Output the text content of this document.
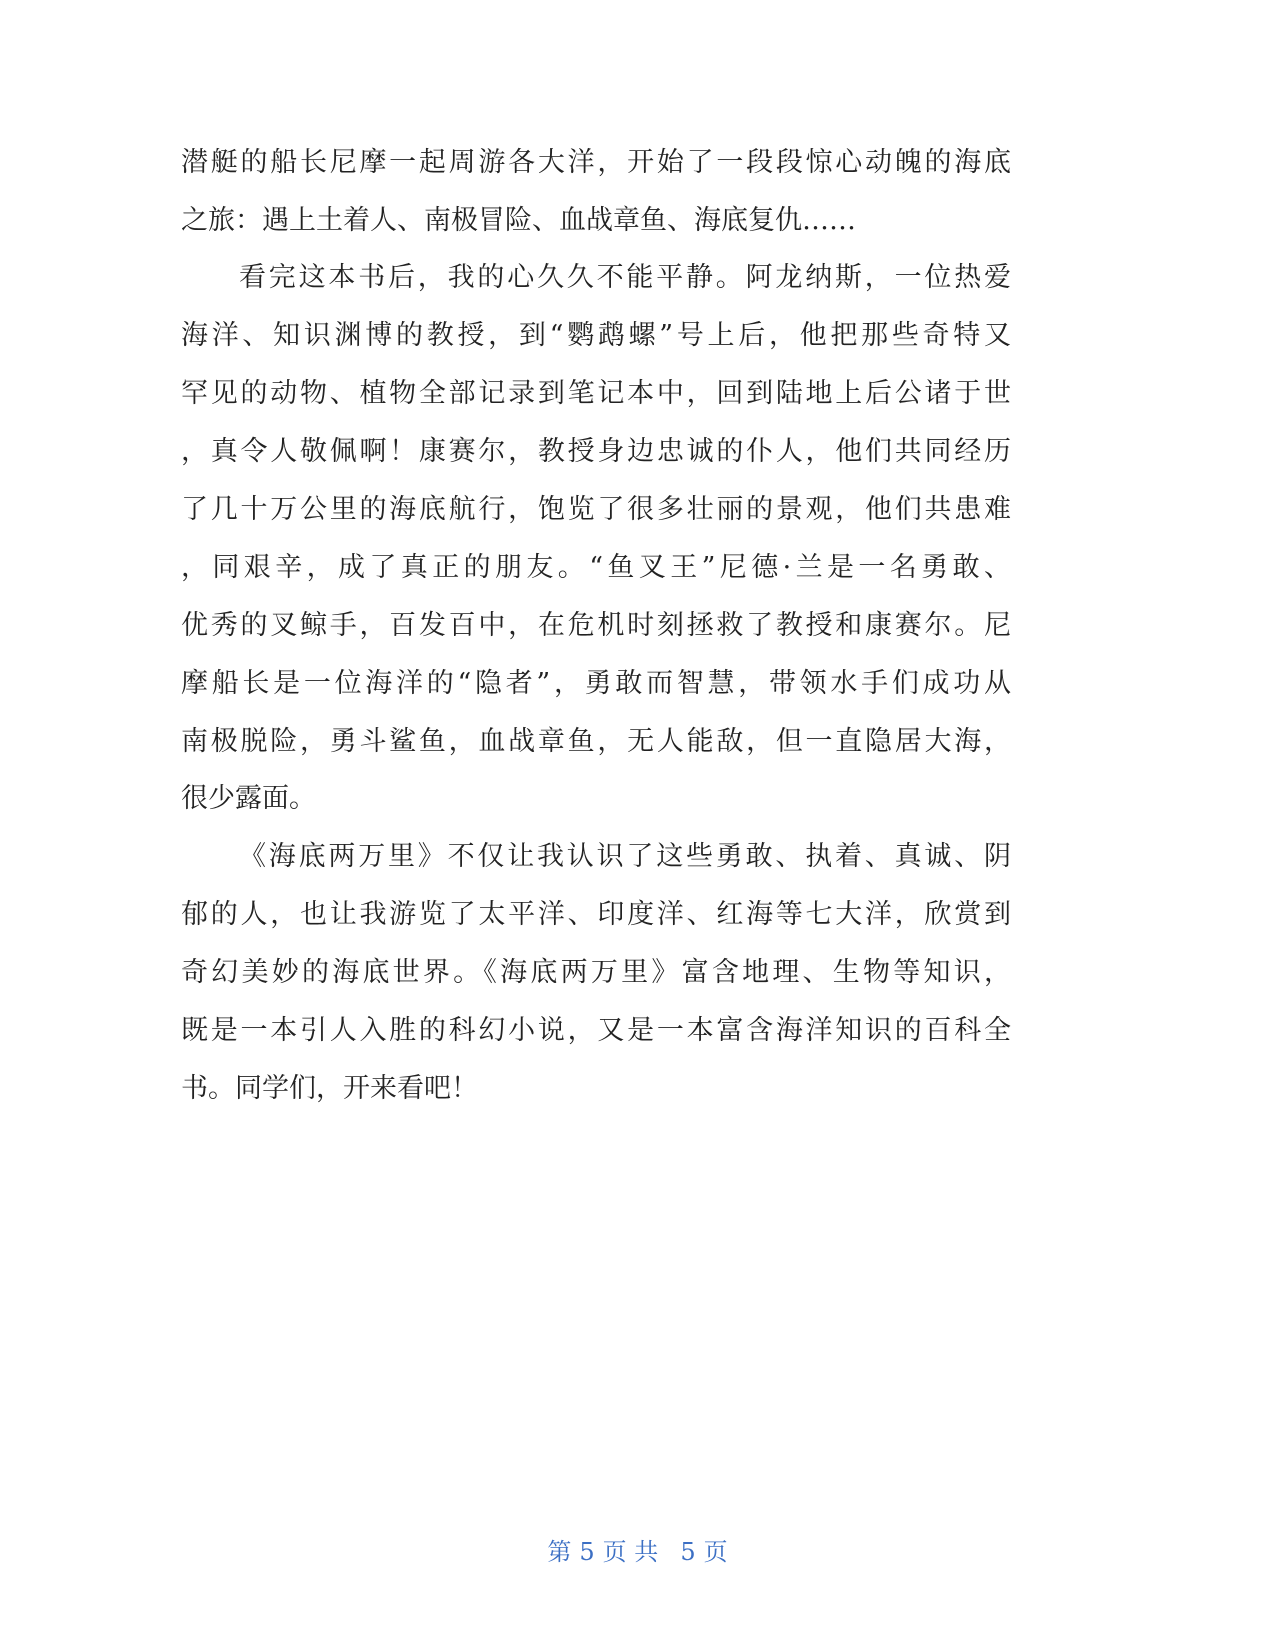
潜艇的船长尼摩一起周游各大洋，开始了一段段惊心动魄的海底
之旅：遇上土着人、南极冒险、血战章鱼、海底复仇……
看完这本书后，我的心久久不能平静。阿龙纳斯，一位热爱
海洋、知识渊博的教授，到“鹦鹉螺”号上后，他把那些奇特又
罕见的动物、植物全部记录到笔记本中，回到陆地上后公诸于世
，真令人敬佩啊！康赛尔，教授身边忠诚的仆人，他们共同经历
了几十万公里的海底航行，饱览了很多壮丽的景观，他们共患难
，同艰辛，成了真正的朋友。“鱼叉王”尼德·兰是一名勇敢、
优秀的叉鲸手，百发百中，在危机时刻拯救了教授和康赛尔。尼
摩船长是一位海洋的“隐者”，勇敢而智慧，带领水手们成功从
南极脱险，勇斗鲨鱼，血战章鱼，无人能敌，但一直隐居大海，
很少露面。
《海底两万里》不仅让我认识了这些勇敢、执着、真诚、阴
郁的人，也让我游览了太平洋、印度洋、红海等七大洋，欣赏到
奇幻美妙的海底世界。《海底两万里》富含地理、生物等知识，
既是一本引人入胜的科幻小说，又是一本富含海洋知识的百科全
书。同学们，开来看吧！
第 5 页 共 5 页
